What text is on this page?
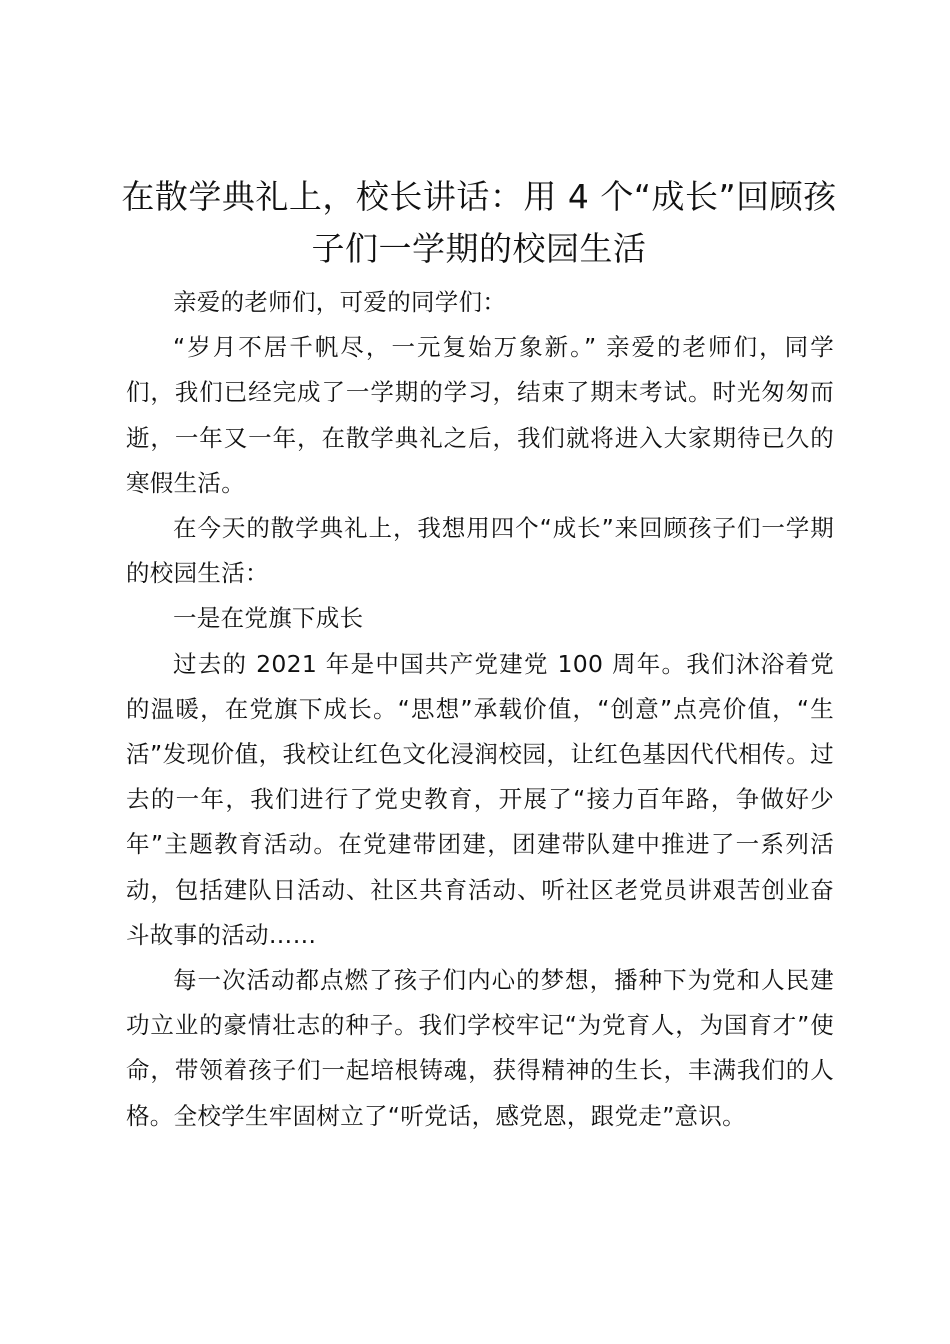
在散学典礼上，校长讲话：用 4 个“成长”回顾孩子们一学期的校园生活

亲爱的老师们，可爱的同学们：

“岁月不居千帆尽，一元复始万象新。” 亲爱的老师们，同学们，我们已经完成了一学期的学习，结束了期末考试。时光匆匆而逝，一年又一年，在散学典礼之后，我们就将进入大家期待已久的寒假生活。

在今天的散学典礼上，我想用四个“成长”来回顾孩子们一学期的校园生活：

一是在党旗下成长

过去的 2021 年是中国共产党建党 100 周年。我们沐浴着党的温暖，在党旗下成长。“思想”承载价值，“创意”点亮价值，“生活”发现价值，我校让红色文化浸润校园，让红色基因代代相传。过去的一年，我们进行了党史教育，开展了“接力百年路，争做好少年”主题教育活动。在党建带团建，团建带队建中推进了一系列活动，包括建队日活动、社区共育活动、听社区老党员讲艰苦创业奋斗故事的活动……

每一次活动都点燃了孩子们内心的梦想，播种下为党和人民建功立业的豪情壮志的种子。我们学校牢记“为党育人，为国育才”使命，带领着孩子们一起培根铸魂，获得精神的生长，丰满我们的人格。全校学生牢固树立了“听党话，感党恩，跟党走”意识。
